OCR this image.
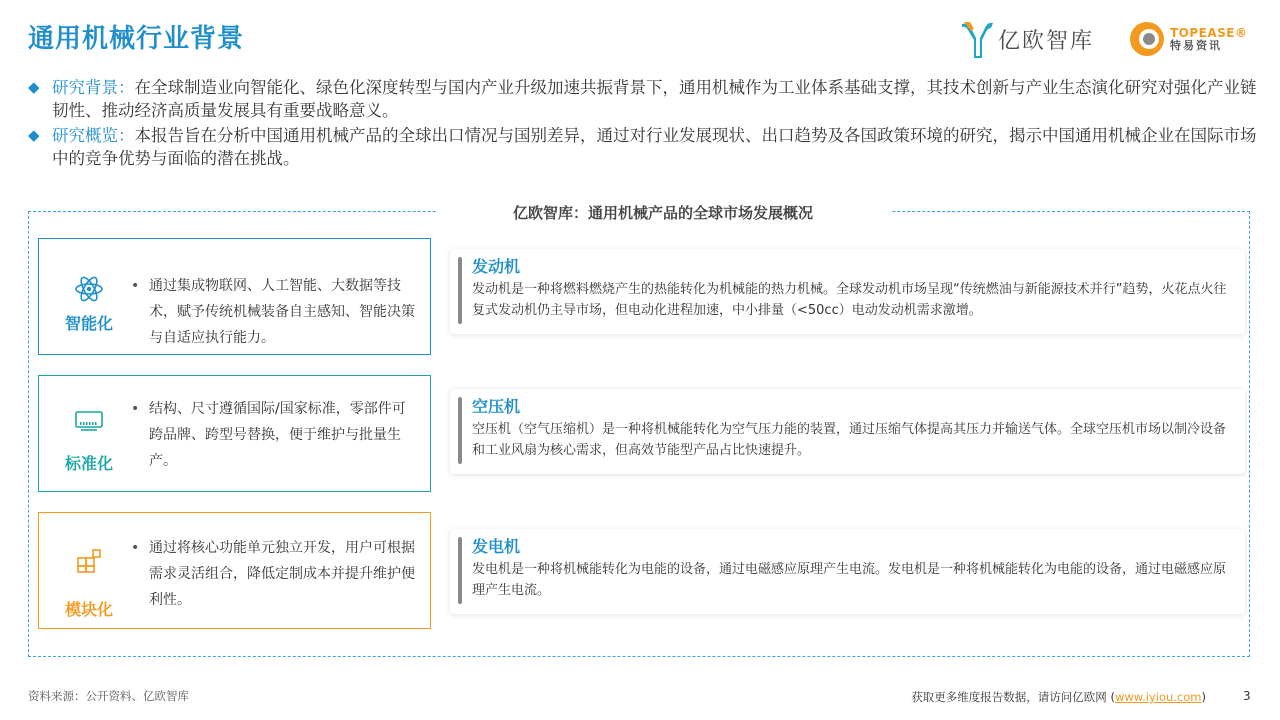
通用机械行业背景	亿欧智库	TOPEASE®
特易资讯
◆ 研究背景：在全球制造业向智能化、绿色化深度转型与国内产业升级加速共振背景下，通用机械作为工业体系基础支撑，其技术创新与产业生态演化研究对强化产业链韧性、推动经济高质量发展具有重要战略意义。
◆ 研究概览：本报告旨在分析中国通用机械产品的全球出口情况与国别差异，通过对行业发展现状、出口趋势及各国政策环境的研究，揭示中国通用机械企业在国际市场中的竞争优势与面临的潜在挑战。
亿欧智库：通用机械产品的全球市场发展概况
智能化
• 通过集成物联网、人工智能、大数据等技术，赋予传统机械装备自主感知、智能决策与自适应执行能力。
标准化
• 结构、尺寸遵循国际/国家标准，零部件可跨品牌、跨型号替换，便于维护与批量生产。
模块化
• 通过将核心功能单元独立开发，用户可根据需求灵活组合，降低定制成本并提升维护便利性。
发动机
发动机是一种将燃料燃烧产生的热能转化为机械能的热力机械。全球发动机市场呈现“传统燃油与新能源技术并行”趋势，火花点火往复式发动机仍主导市场，但电动化进程加速，中小排量（<50cc）电动发动机需求激增。
空压机
空压机（空气压缩机）是一种将机械能转化为空气压力能的装置，通过压缩气体提高其压力并输送气体。全球空压机市场以制冷设备和工业风扇为核心需求，但高效节能型产品占比快速提升。
发电机
发电机是一种将机械能转化为电能的设备，通过电磁感应原理产生电流。发电机是一种将机械能转化为电能的设备，通过电磁感应原理产生电流。
资料来源：公开资料、亿欧智库	获取更多维度报告数据，请访问亿欧网 (www.iyiou.com)	3
